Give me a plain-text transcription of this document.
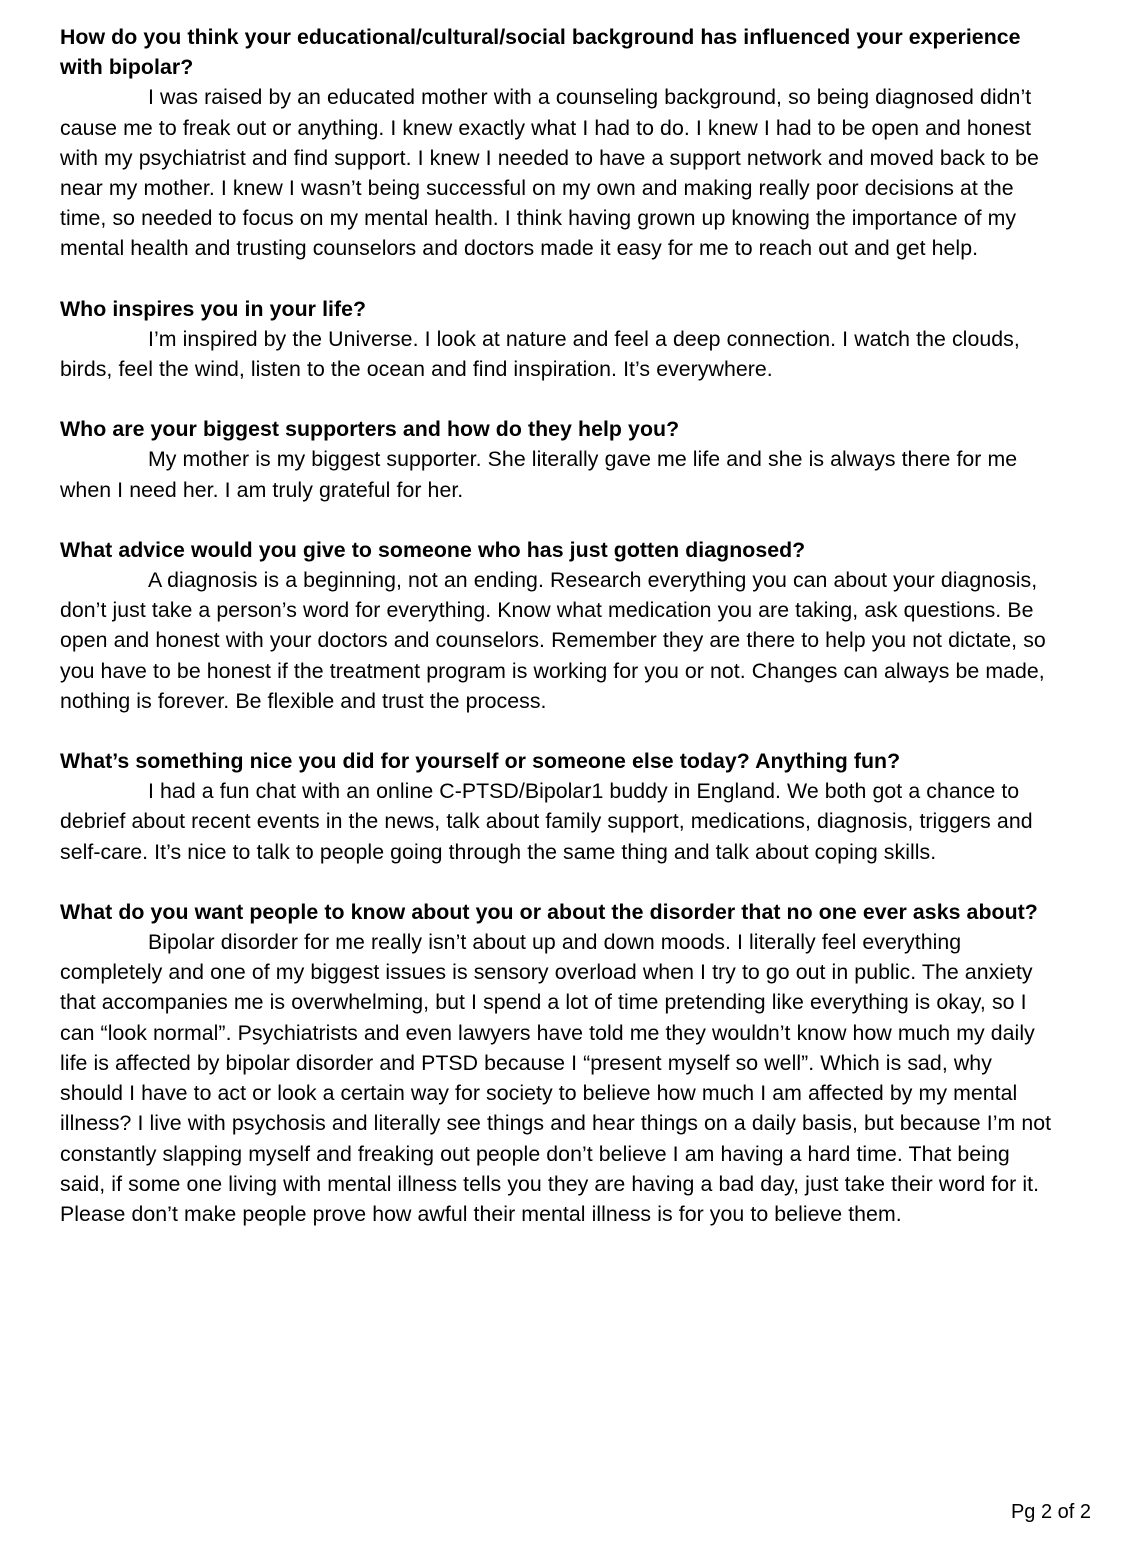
How do you think your educational/cultural/social background has influenced your experience with bipolar?

I was raised by an educated mother with a counseling background, so being diagnosed didn’t cause me to freak out or anything. I knew exactly what I had to do. I knew I had to be open and honest with my psychiatrist and find support. I knew I needed to have a support network and moved back to be near my mother. I knew I wasn’t being successful on my own and making really poor decisions at the time, so needed to focus on my mental health. I think having grown up knowing the importance of my mental health and trusting counselors and doctors made it easy for me to reach out and get help.

Who inspires you in your life?

I’m inspired by the Universe. I look at nature and feel a deep connection. I watch the clouds, birds, feel the wind, listen to the ocean and find inspiration. It’s everywhere.

Who are your biggest supporters and how do they help you?

My mother is my biggest supporter. She literally gave me life and she is always there for me when I need her. I am truly grateful for her.

What advice would you give to someone who has just gotten diagnosed?

A diagnosis is a beginning, not an ending. Research everything you can about your diagnosis, don’t just take a person’s word for everything. Know what medication you are taking, ask questions. Be open and honest with your doctors and counselors. Remember they are there to help you not dictate, so you have to be honest if the treatment program is working for you or not. Changes can always be made, nothing is forever. Be flexible and trust the process.

What’s something nice you did for yourself or someone else today? Anything fun?

I had a fun chat with an online C-PTSD/Bipolar1 buddy in England. We both got a chance to debrief about recent events in the news, talk about family support, medications, diagnosis, triggers and self-care. It’s nice to talk to people going through the same thing and talk about coping skills.

What do you want people to know about you or about the disorder that no one ever asks about?

Bipolar disorder for me really isn’t about up and down moods. I literally feel everything completely and one of my biggest issues is sensory overload when I try to go out in public. The anxiety that accompanies me is overwhelming, but I spend a lot of time pretending like everything is okay, so I can “look normal”. Psychiatrists and even lawyers have told me they wouldn’t know how much my daily life is affected by bipolar disorder and PTSD because I “present myself so well”. Which is sad, why should I have to act or look a certain way for society to believe how much I am affected by my mental illness? I live with psychosis and literally see things and hear things on a daily basis, but because I’m not constantly slapping myself and freaking out people don’t believe I am having a hard time. That being said, if some one living with mental illness tells you they are having a bad day, just take their word for it. Please don’t make people prove how awful their mental illness is for you to believe them.

Pg 2 of 2
